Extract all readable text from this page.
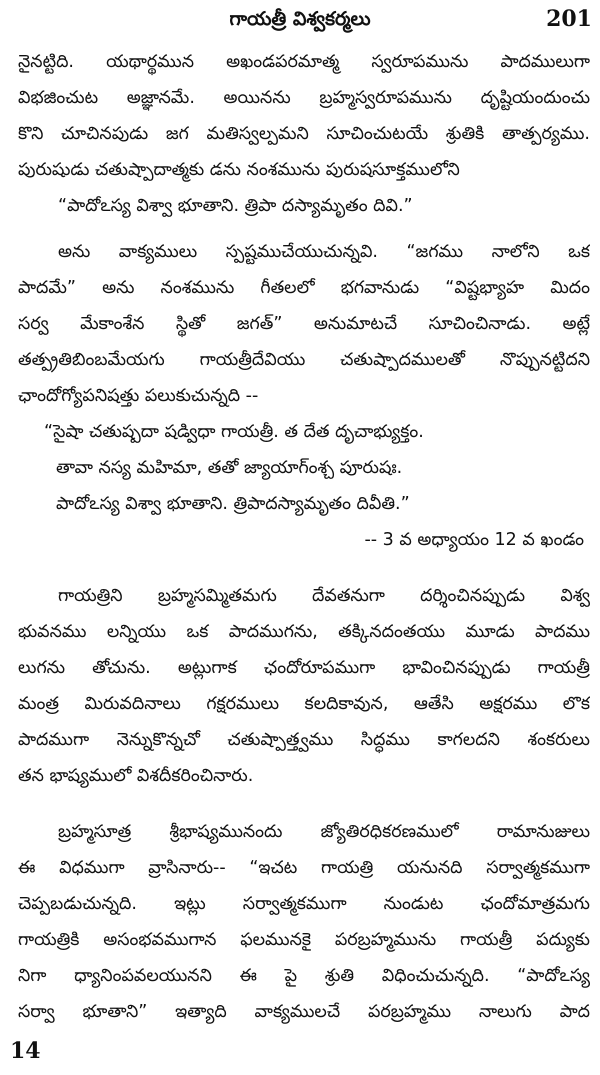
గాయత్రీ విశ్వకర్మలు	201
నైనట్టిది. యథార్థమున అఖండపరమాత్మ స్వరూపమును పాదములుగా
విభజించుట అజ్ఞానమే. అయినను బ్రహ్మస్వరూపమును దృష్టియందుంచు
కొని చూచినపుడు జగ మతిస్వల్పమని సూచించుటయే శ్రుతికి తాత్పర్యము.
పురుషుడు చతుష్పాదాత్మకు డను నంశమును పురుషసూక్తములోని
“పాదోఽస్య విశ్వా భూతాని. త్రిపా దస్యామృతం దివి.”
అను వాక్యములు స్పష్టముచేయుచున్నవి. “జగము నాలోని ఒక
పాదమే” అను నంశమును గీతలలో భగవానుడు “విష్టభ్యాహ మిదం
సర్వ మేకాంశేన స్థితో జగత్” అనుమాటచే సూచించినాడు. అట్లే
తత్ప్రతిబింబమేయగు గాయత్రీదేవియు చతుష్పాదములతో నొప్పునట్టిదని
ఛాందోగ్యోపనిషత్తు పలుకుచున్నది --
“సైషా చతుష్పదా షడ్విధా గాయత్రీ. త దేత దృచాభ్యుక్తం.
తావా నస్య మహిమా, తతో జ్యాయాగ్ంశ్చ పూరుషః.
పాదోఽస్య విశ్వా భూతాని. త్రిపాదస్యామృతం దివీతి.”
-- 3 వ అధ్యాయం 12 వ ఖండం
గాయత్రిని బ్రహ్మసమ్మితమగు దేవతనుగా దర్శించినప్పుడు విశ్వ
భువనము లన్నియు ఒక పాదముగను, తక్కినదంతయు మూడు పాదము
లుగను తోచును. అట్లుగాక ఛందోరూపముగా భావించినప్పుడు గాయత్రీ
మంత్ర మిరువదినాలు గక్షరములు కలదికావున, ఆతేసి అక్షరము లొక
పాదముగా నెన్నుకొన్నచో చతుష్పాత్త్వము సిద్ధము కాగలదని శంకరులు
తన భాష్యములో విశదీకరించినారు.
బ్రహ్మసూత్ర శ్రీభాష్యమునందు జ్యోతిరధికరణములో రామానుజులు
ఈ విధముగా వ్రాసినారు-- “ఇచట గాయత్రి యనునది సర్వాత్మకముగా
చెప్పబడుచున్నది. ఇట్లు సర్వాత్మకముగా నుండుట ఛందోమాత్రమగు
గాయత్రికి అసంభవముగాన ఫలమునకై పరబ్రహ్మమును గాయత్రీ పద్యుకు
నిగా ధ్యానింపవలయునని ఈ పై శ్రుతి విధించుచున్నది. “పాదోఽస్య
సర్వా భూతాని” ఇత్యాది వాక్యములచే పరబ్రహ్మము నాలుగు పాద
14
